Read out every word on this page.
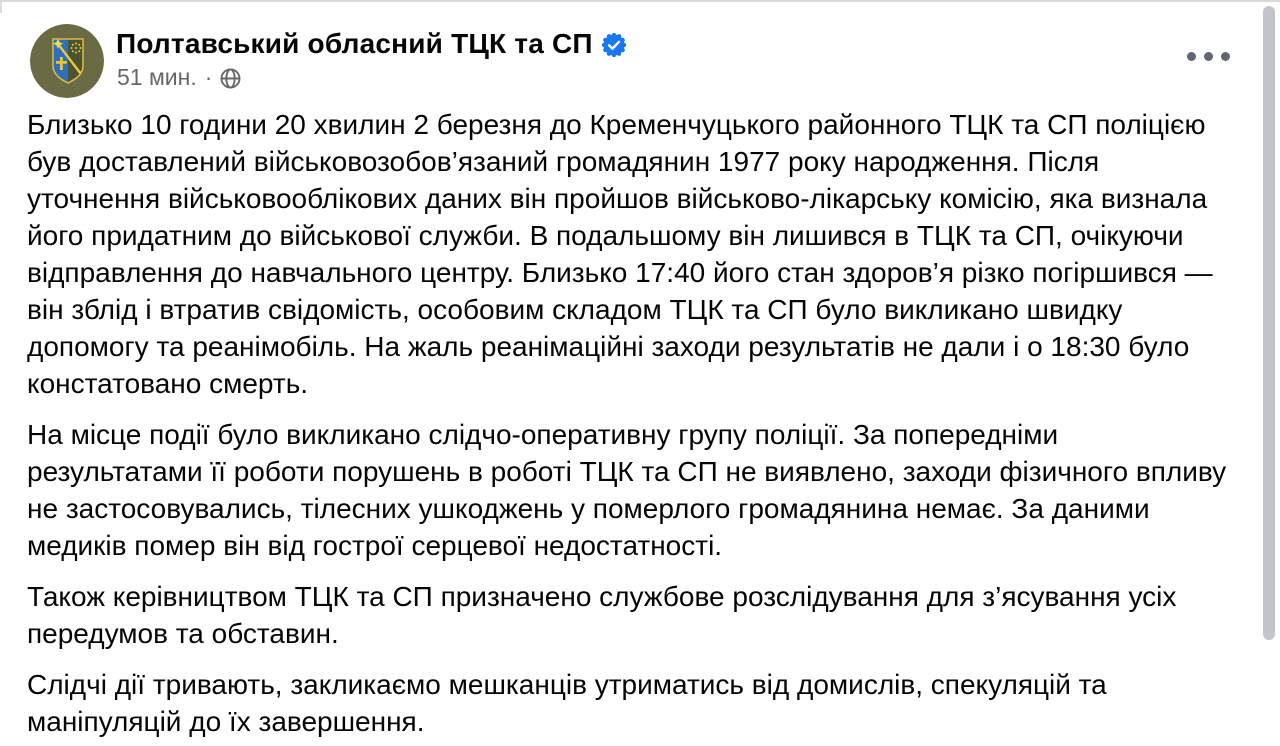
Полтавський обласний ТЦК та СП
51 мин. ·

Близько 10 години 20 хвилин 2 березня до Кременчуцького районного ТЦК та СП поліцією був доставлений військовозобов’язаний громадянин 1977 року народження. Після уточнення військовооблікових даних він пройшов військово-лікарську комісію, яка визнала його придатним до військової служби. В подальшому він лишився в ТЦК та СП, очікуючи відправлення до навчального центру. Близько 17:40 його стан здоров’я різко погіршився — він зблід і втратив свідомість, особовим складом ТЦК та СП було викликано швидку допомогу та реанімобіль. На жаль реанімаційні заходи результатів не дали і о 18:30 було констатовано смерть.

На місце події було викликано слідчо-оперативну групу поліції. За попередніми результатами її роботи порушень в роботі ТЦК та СП не виявлено, заходи фізичного впливу не застосовувались, тілесних ушкоджень у померлого громадянина немає. За даними медиків помер він від гострої серцевої недостатності.

Також керівництвом ТЦК та СП призначено службове розслідування для з’ясування усіх передумов та обставин.

Слідчі дії тривають, закликаємо мешканців утриматись від домислів, спекуляцій та маніпуляцій до їх завершення.
